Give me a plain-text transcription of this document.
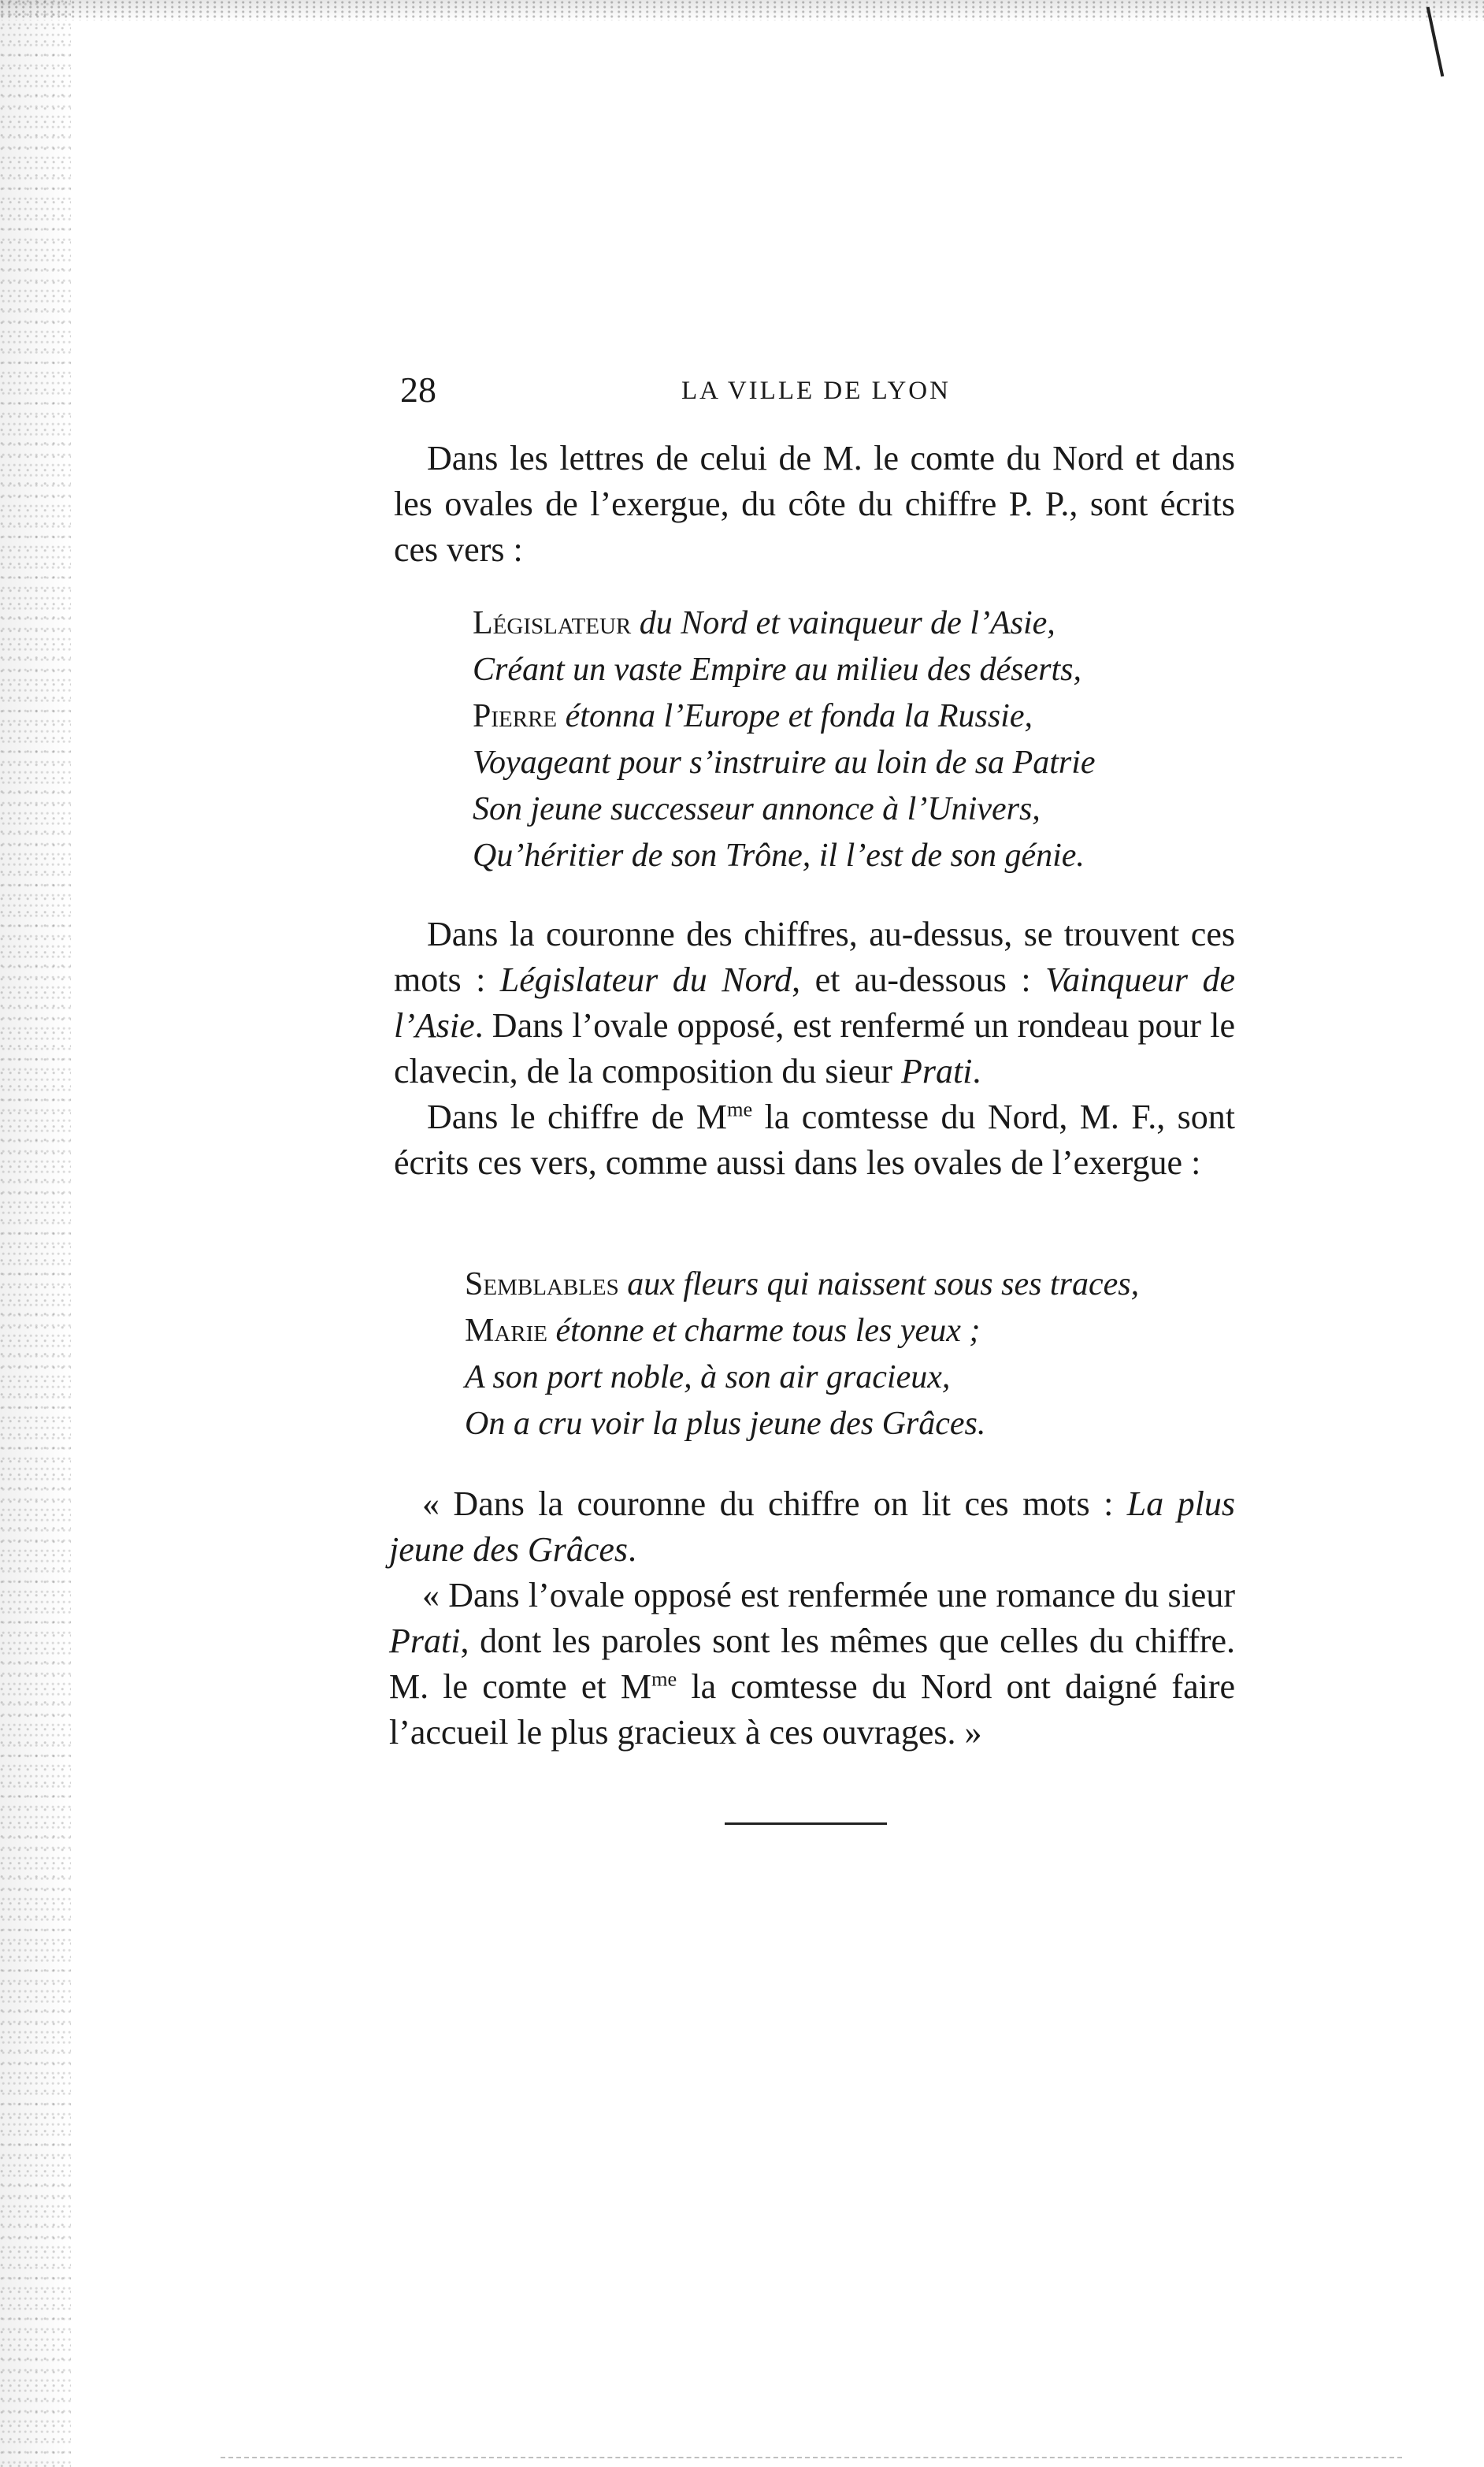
28	LA VILLE DE LYON

Dans les lettres de celui de M. le comte du Nord et dans les ovales de l’exergue, du côte du chiffre P. P., sont écrits ces vers :

Législateur du Nord et vainqueur de l’Asie,
Créant un vaste Empire au milieu des déserts,
Pierre étonna l’Europe et fonda la Russie,
Voyageant pour s’instruire au loin de sa Patrie
Son jeune successeur annonce à l’Univers,
Qu’héritier de son Trône, il l’est de son génie.

Dans la couronne des chiffres, au-dessus, se trouvent ces mots : Législateur du Nord, et au-dessous : Vainqueur de l’Asie. Dans l’ovale opposé, est renfermé un rondeau pour le clavecin, de la composition du sieur Prati.

Dans le chiffre de $M^{me}$ la comtesse du Nord, M. F., sont écrits ces vers, comme aussi dans les ovales de l’exergue :

Semblables aux fleurs qui naissent sous ses traces,
Marie étonne et charme tous les yeux ;
A son port noble, à son air gracieux,
On a cru voir la plus jeune des Grâces.

« Dans la couronne du chiffre on lit ces mots : La plus jeune des Grâces.

« Dans l’ovale opposé est renfermée une romance du sieur Prati, dont les paroles sont les mêmes que celles du chiffre. M. le comte et $M^{me}$ la comtesse du Nord ont daigné faire l’accueil le plus gracieux à ces ouvrages. »
